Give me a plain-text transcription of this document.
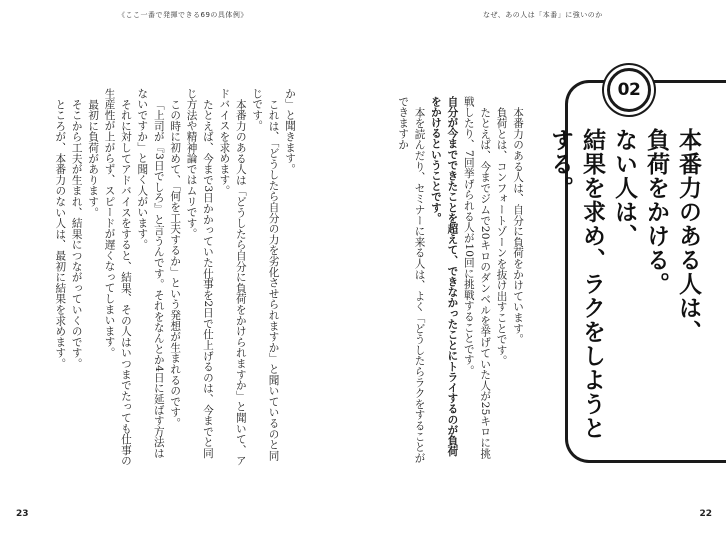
《ここ一番で発揮できる69の具体例》
か」と聞きます。
これは、「どうしたら自分の力を劣化させられますか」と聞いているのと同じです。
本番力のある人は「どうしたら自分に負荷をかけられますか」と聞いて、アドバイスを求めます。
たとえば、今まで3日かかっていた仕事を2日で仕上げるのは、今までと同じ方法や精神論ではムリです。
この時に初めて、「何を工夫するか」という発想が生まれるのです。
「上司が『3日でしろ』と言うんです。それをなんとか4日に延ばす方法はないですか」と聞く人がいます。
それに対してアドバイスをすると、結果、その人はいつまでたっても仕事の生産性が上がらず、スピードが遅くなってしまいます。
最初に負荷があります。
そこから工夫が生まれ、結果につながっていくのです。
ところが、本番力のない人は、最初に結果を求めます。
23
なぜ、あの人は「本番」に強いのか
本番力のある人は、自分に負荷をかけています。
負荷とは、コンフォートゾーンを抜け出すことです。
たとえば、今までジムで20キロのダンベルを挙げていた人が25キロに挑戦したり、7回挙げられる人が10回に挑戦することです。
自分が今までできたことを超えて、できなかったことにトライするのが負荷をかけるということです。
本を読んだり、セミナーに来る人は、よく「どうしたらラクをすることができますか
02
本番力のある人は、
負荷をかける。
ない人は、
結果を求め、ラクをしようとする。
22
